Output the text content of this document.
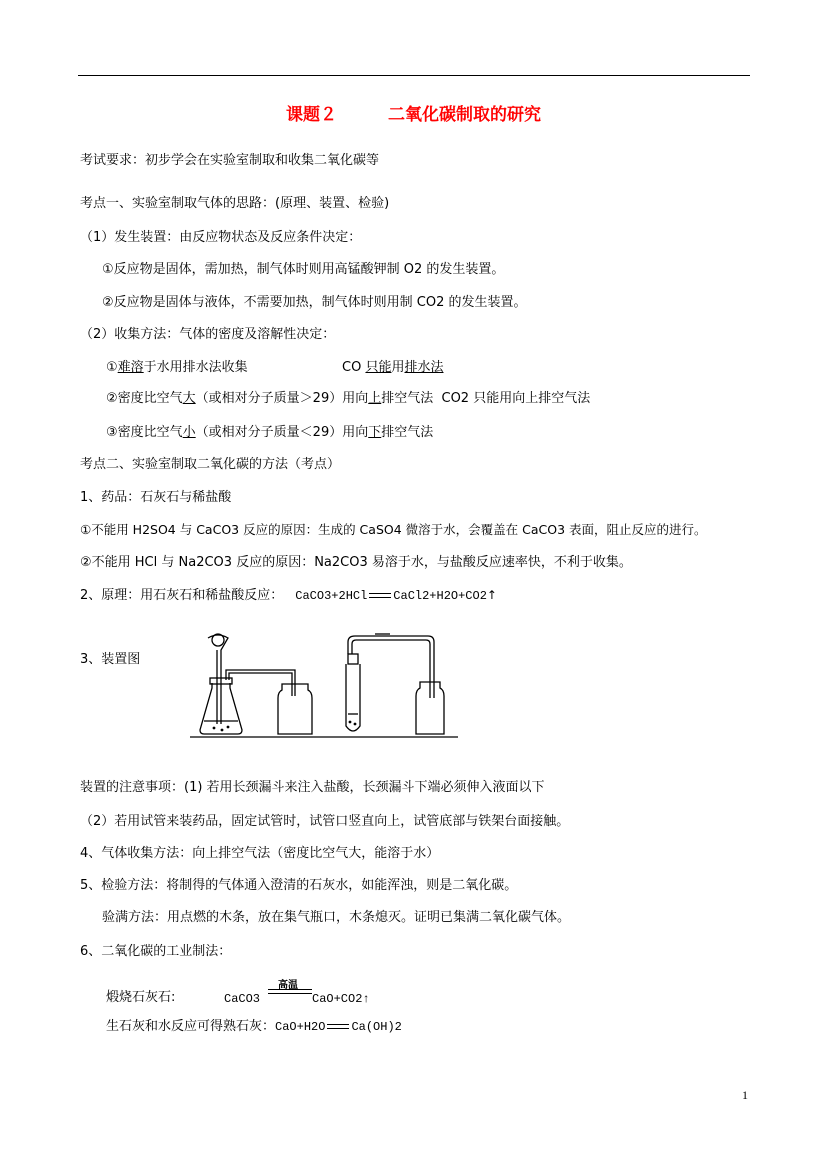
课题２　　　二氧化碳制取的研究
考试要求：初步学会在实验室制取和收集二氧化碳等
考点一、实验室制取气体的思路：(原理、装置、检验)
（1）发生装置：由反应物状态及反应条件决定：
①反应物是固体，需加热，制气体时则用高锰酸钾制 O2 的发生装置。
②反应物是固体与液体，不需要加热，制气体时则用制 CO2 的发生装置。
（2）收集方法：气体的密度及溶解性决定：
①难溶于水用排水法收集	CO 只能用排水法
②密度比空气大（或相对分子质量＞29）用向上排空气法  CO2 只能用向上排空气法
③密度比空气小（或相对分子质量＜29）用向下排空气法
考点二、实验室制取二氧化碳的方法（考点）
1、药品：石灰石与稀盐酸
①不能用 H2SO4 与 CaCO3 反应的原因：生成的 CaSO4 微溶于水，会覆盖在 CaCO3 表面，阻止反应的进行。
②不能用 HCl 与 Na2CO3 反应的原因：Na2CO3 易溶于水，与盐酸反应速率快，不利于收集。
2、原理：用石灰石和稀盐酸反应： CaCO3+2HCl CaCl2+H2O+CO2↑
3、装置图
装置的注意事项：(1) 若用长颈漏斗来注入盐酸，长颈漏斗下端必须伸入液面以下
（2）若用试管来装药品，固定试管时，试管口竖直向上，试管底部与铁架台面接触。
4、气体收集方法：向上排空气法（密度比空气大，能溶于水）
5、检验方法：将制得的气体通入澄清的石灰水，如能浑浊，则是二氧化碳。
验满方法：用点燃的木条，放在集气瓶口，木条熄灭。证明已集满二氧化碳气体。
6、二氧化碳的工业制法：
煅烧石灰石:	CaCO3
高温
CaO+CO2↑
生石灰和水反应可得熟石灰：CaO+H2O Ca(OH)2
1
